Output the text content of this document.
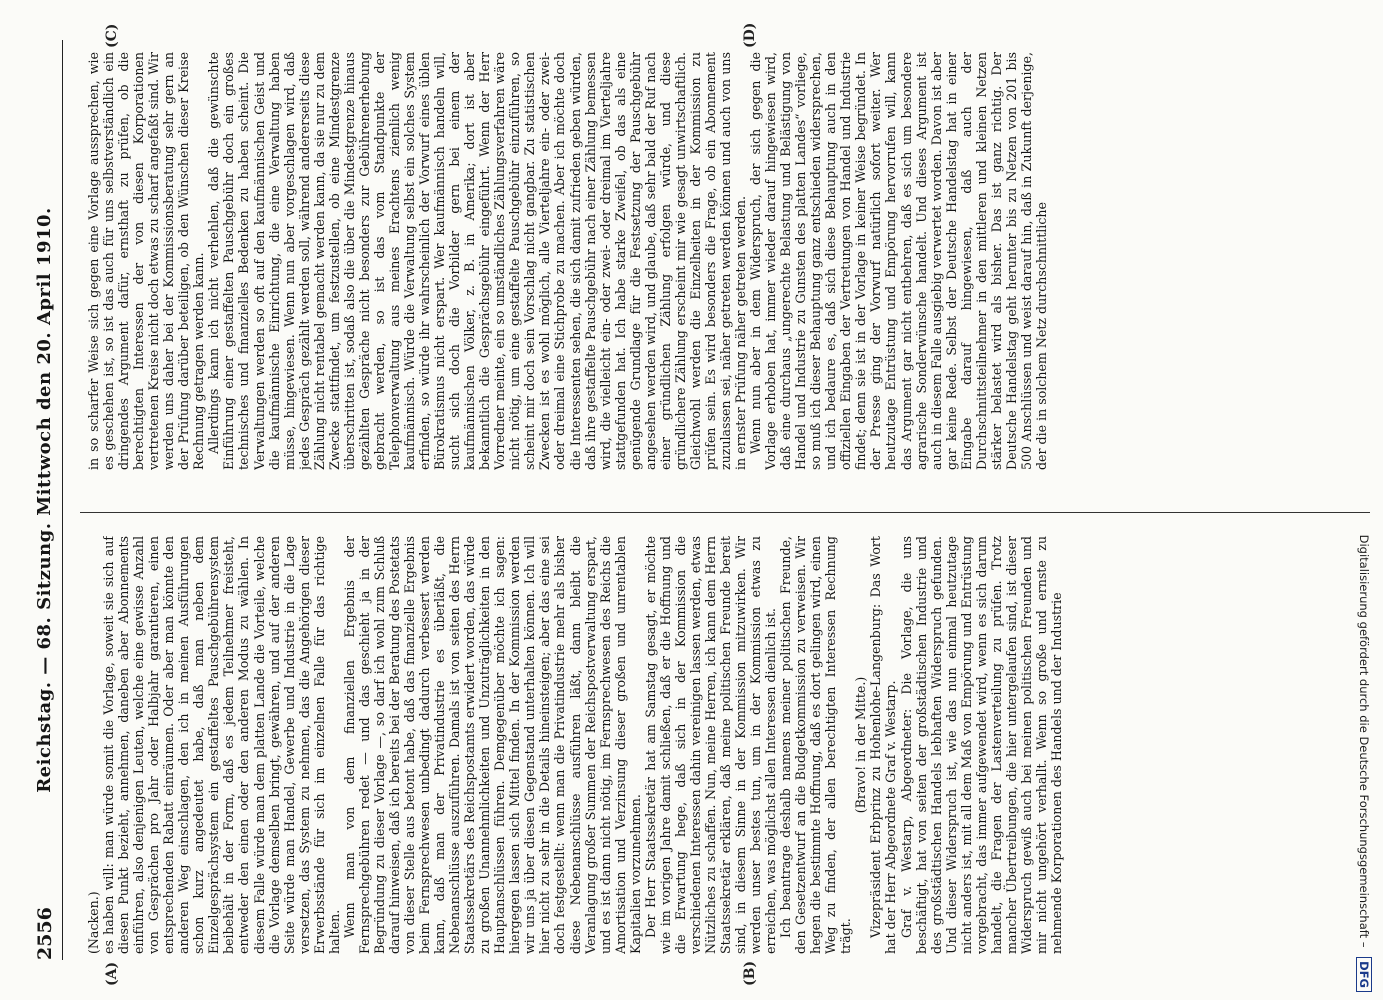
2556
Reichstag. — 68. Sitzung. Mittwoch den 20. April 1910.
(A)	(B)
(C)	(D)

(Nacken.) es haben will: man würde somit die Vorlage, soweit sie sich auf diesen Punkt bezieht, annehmen, daneben aber Abonnements einführen, also denjenigen Leuten, welche eine gewisse Anzahl von Gesprächen pro Jahr oder Halbjahr garantieren, einen entsprechenden Rabatt einräumen. Oder aber man könnte den anderen Weg einschlagen, den ich in meinen Ausführungen schon kurz angedeutet habe, daß man neben dem Einzelgesprächsystem ein gestaffeltes Pauschgebührensystem beibehält in der Form, daß es jedem Teilnehmer freisteht, entweder den einen oder den anderen Modus zu wählen. In diesem Falle würde man dem platten Lande die Vorteile, welche die Vorlage demselben bringt, gewähren, und auf der anderen Seite würde man Handel, Gewerbe und Industrie in die Lage versetzen, das System zu nehmen, das die Angehörigen dieser Erwerbsstände für sich im einzelnen Falle für das richtige halten. Wenn man von dem finanziellen Ergebnis der Fernsprechgebühren redet — und das geschieht ja in der Begründung zu dieser Vorlage —, so darf ich wohl zum Schluß darauf hinweisen, daß ich bereits bei der Beratung des Postetats von dieser Stelle aus betont habe, daß das finanzielle Ergebnis beim Fernsprechwesen unbedingt dadurch verbessert werden kann, daß man der Privatindustrie es überläßt, die Nebenanschlüsse auszuführen. Damals ist von seiten des Herrn Staatssekretärs des Reichspostamts erwidert worden, das würde zu großen Unannehmlichkeiten und Unzuträglichkeiten in den Hauptanschlüssen führen. Demgegenüber möchte ich sagen: hiergegen lassen sich Mittel finden. In der Kommission werden wir uns ja über diesen Gegenstand unterhalten können. Ich will hier nicht zu sehr in die Details hineinsteigen; aber das eine sei doch festgestellt: wenn man die Privatindustrie mehr als bisher diese Nebenanschlüsse ausführen läßt, dann bleibt die Veranlagung großer Summen der Reichspostverwaltung erspart, und es ist dann nicht nötig, im Fernsprechwesen des Reichs die Amortisation und Verzinsung dieser großen und unrentablen Kapitalien vorzunehmen. Der Herr Staatssekretär hat am Samstag gesagt, er möchte wie im vorigen Jahre damit schließen, daß er die Hoffnung und die Erwartung hege, daß sich in der Kommission die verschiedenen Interessen dahin vereinigen lassen werden, etwas Nützliches zu schaffen. Nun, meine Herren, ich kann dem Herrn Staatssekretär erklären, daß meine politischen Freunde bereit sind, in diesem Sinne in der Kommission mitzuwirken. Wir werden unser bestes tun, um in der Kommission etwas zu erreichen, was möglichst allen Interessen dienlich ist. Ich beantrage deshalb namens meiner politischen Freunde, den Gesetzentwurf an die Budgetkommission zu verweisen. Wir hegen die bestimmte Hoffnung, daß es dort gelingen wird, einen Weg zu finden, der allen berechtigten Interessen Rechnung trägt.

(Bravo! in der Mitte.) Vizepräsident Erbprinz zu Hohenlohe-Langenburg: Das Wort hat der Herr Abgeordnete Graf v. Westarp. Graf v. Westarp, Abgeordneter: Die Vorlage, die uns beschäftigt, hat von seiten der großstädtischen Industrie und des großstädtischen Handels lebhaften Widerspruch gefunden. Und dieser Widerspruch ist, wie das nun einmal heutzutage nicht anders ist, mit all dem Maß von Empörung und Entrüstung vorgebracht, das immer aufgewendet wird, wenn es sich darum handelt, die Fragen der Lastenverteilung zu prüfen. Trotz mancher Übertreibungen, die hier untergelaufen sind, ist dieser Widerspruch gewiß auch bei meinen politischen Freunden und mir nicht ungehört verhallt. Wenn so große und ernste zu nehmende Korporationen des Handels und der Industrie

in so scharfer Weise sich gegen eine Vorlage aussprechen, wie es geschehen ist, so ist das auch für uns selbstverständlich ein dringendes Argument dafür, ernsthaft zu prüfen, ob die berechtigten Interessen der von diesen Korporationen vertretenen Kreise nicht doch etwas zu scharf angefaßt sind. Wir werden uns daher bei der Kommissionsberatung sehr gern an der Prüfung darüber beteiligen, ob den Wünschen dieser Kreise Rechnung getragen werden kann. Allerdings kann ich nicht verhehlen, daß die gewünschte Einführung einer gestaffelten Pauschgebühr doch ein großes technisches und finanzielles Bedenken zu haben scheint. Die Verwaltungen werden so oft auf den kaufmännischen Geist und die kaufmännische Einrichtung, die eine Verwaltung haben müsse, hingewiesen. Wenn nun aber vorgeschlagen wird, daß jedes Gespräch gezählt werden soll, während andererseits diese Zählung nicht rentabel gemacht werden kann, da sie nur zu dem Zwecke stattfindet, um festzustellen, ob eine Mindestgrenze überschritten ist, sodaß also die über die Mindestgrenze hinaus gezählten Gespräche nicht besonders zur Gebührenerhebung gebracht werden, so ist das vom Standpunkte der Telephonverwaltung aus meines Erachtens ziemlich wenig kaufmännisch. Würde die Verwaltung selbst ein solches System erfinden, so würde ihr wahrscheinlich der Vorwurf eines üblen Bürokratismus nicht erspart. Wer kaufmännisch handeln will, sucht sich doch die Vorbilder gern bei einem der kaufmännischen Völker, z. B. in Amerika; dort ist aber bekanntlich die Gesprächsgebühr eingeführt. Wenn der Herr Vorredner meinte, ein so umständliches Zählungsverfahren wäre nicht nötig, um eine gestaffelte Pauschgebühr einzuführen, so scheint mir doch sein Vorschlag nicht gangbar. Zu statistischen Zwecken ist es wohl möglich, alle Vierteljahre ein- oder zwei- oder dreimal eine Stichprobe zu machen. Aber ich möchte doch die Interessenten sehen, die sich damit zufrieden geben würden, daß ihre gestaffelte Pauschgebühr nach einer Zählung bemessen wird, die vielleicht ein- oder zwei- oder dreimal im Vierteljahre stattgefunden hat. Ich habe starke Zweifel, ob das als eine genügende Grundlage für die Festsetzung der Pauschgebühr angesehen werden wird, und glaube, daß sehr bald der Ruf nach einer gründlichen Zählung erfolgen würde, und diese gründlichere Zählung erscheint mir wie gesagt unwirtschaftlich. Gleichwohl werden die Einzelheiten in der Kommission zu prüfen sein. Es wird besonders die Frage, ob ein Abonnement zuzulassen sei, näher getreten werden können und auch von uns in ernster Prüfung näher getreten werden. Wenn nun aber in dem Widerspruch, der sich gegen die Vorlage erhoben hat, immer wieder darauf hingewiesen wird, daß eine durchaus „ungerechte Belastung und Belästigung von Handel und Industrie zu Gunsten des platten Landes“ vorliege, so muß ich dieser Behauptung ganz entschieden widersprechen, und ich bedaure es, daß sich diese Behauptung auch in den offiziellen Eingaben der Vertretungen von Handel und Industrie findet; denn sie ist in der Vorlage in keiner Weise begründet. In der Presse ging der Vorwurf natürlich sofort weiter. Wer heutzutage Entrüstung und Empörung hervorrufen will, kann das Argument gar nicht entbehren, daß es sich um besondere agrarische Sonderwünsche handelt. Und dieses Argument ist auch in diesem Falle ausgiebig verwertet worden. Davon ist aber gar keine Rede. Selbst der Deutsche Handelstag hat in einer Eingabe darauf hingewiesen, daß auch der Durchschnittsteilnehmer in den mittleren und kleinen Netzen stärker belastet wird als bisher. Das ist ganz richtig. Der Deutsche Handelstag geht herunter bis zu Netzen von 201 bis 500 Anschlüssen und weist darauf hin, daß in Zukunft derjenige, der die in solchem Netz durchschnittliche

Digitalisierung gefördert durch die Deutsche Forschungsgemeinschaft – DFG
